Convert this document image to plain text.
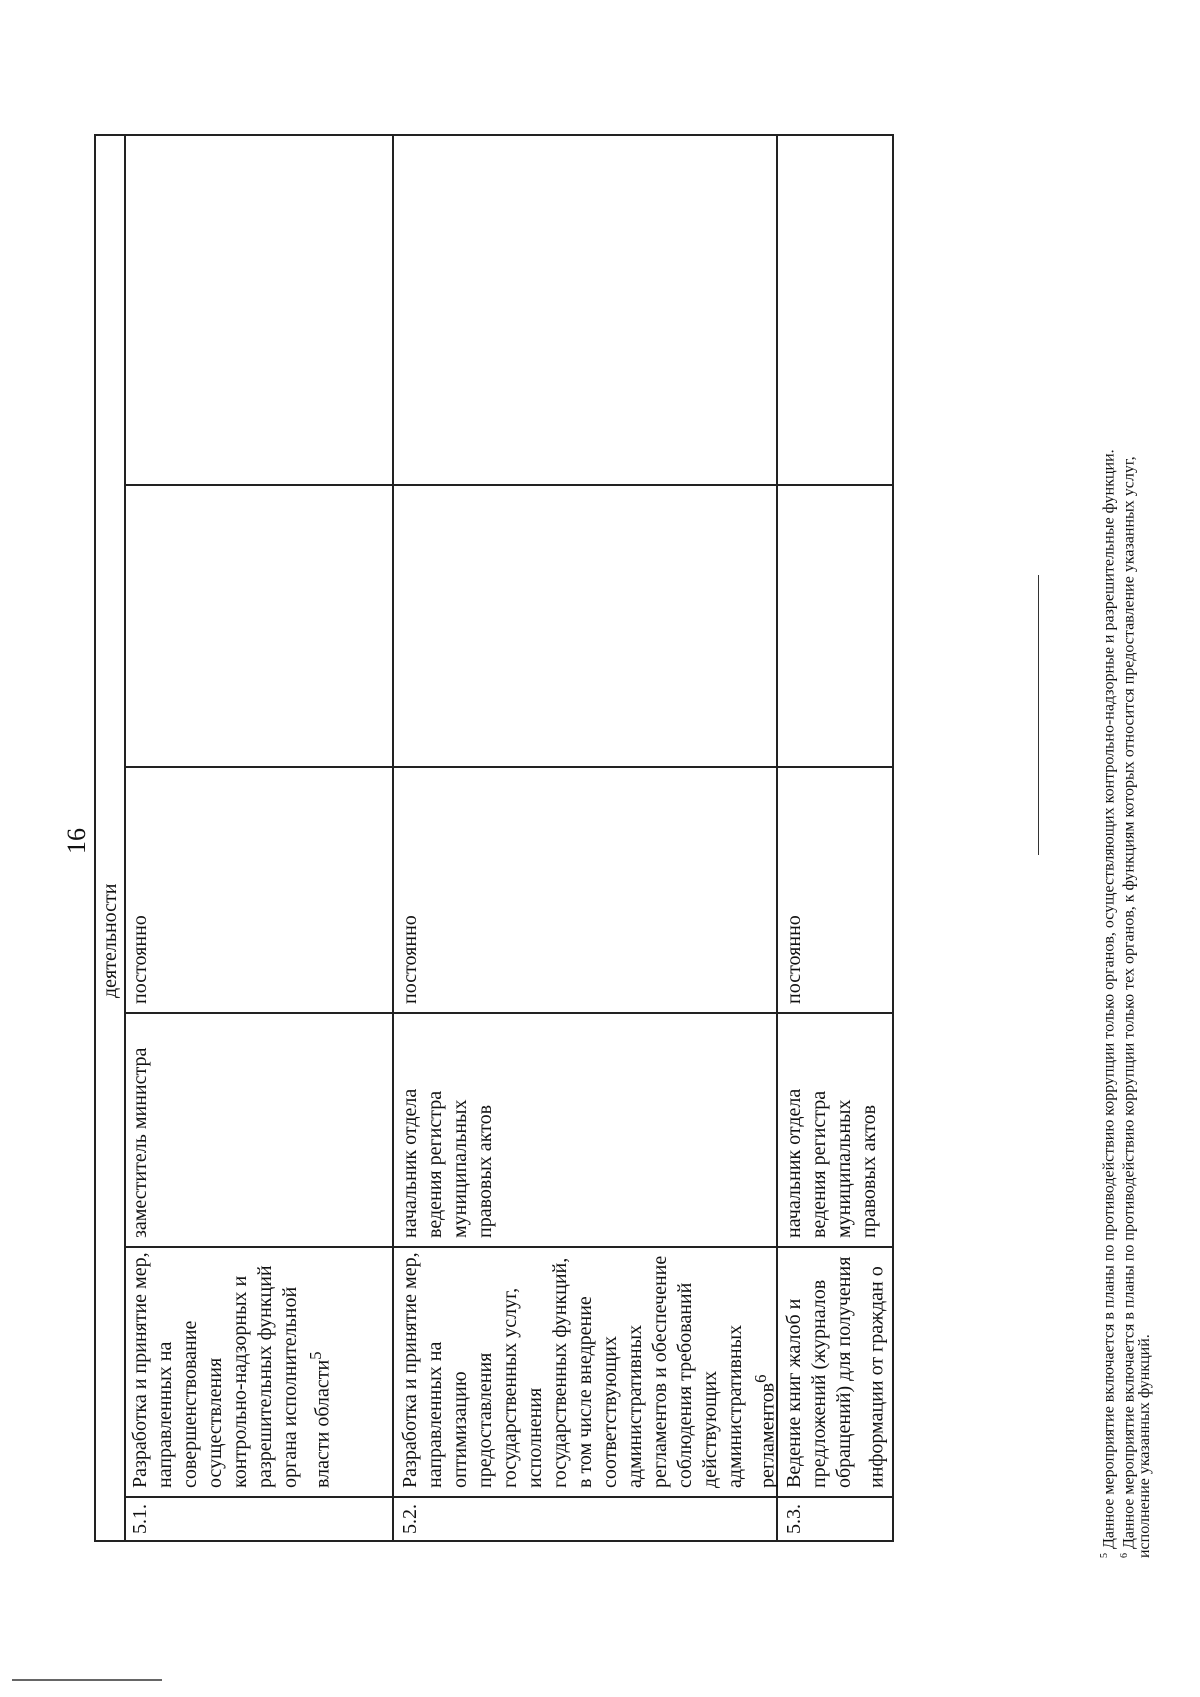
16
деятельности
5.1.
Разработка и принятие мер, направленных на совершенствование осуществления контрольно-надзорных и разрешительных функций органа исполнительной власти области$^5$
заместитель министра
постоянно
5.2.
Разработка и принятие мер, направленных на оптимизацию предоставления государственных услуг, исполнения государственных функций, в том числе внедрение соответствующих административных регламентов и обеспечение соблюдения требований действующих административных регламентов$^6$
начальник отдела ведения регистра муниципальных правовых актов
постоянно
5.3.
Ведение книг жалоб и предложений (журналов обращений) для получения информации от граждан о
начальник отдела ведения регистра муниципальных правовых актов
постоянно
$^5$ Данное мероприятие включается в планы по противодействию коррупции только органов, осуществляющих контрольно-надзорные и разрешительные функции.
$^6$ Данное мероприятие включается в планы по противодействию коррупции только тех органов, к функциям которых относится предоставление указанных услуг,
исполнение указанных функций.
